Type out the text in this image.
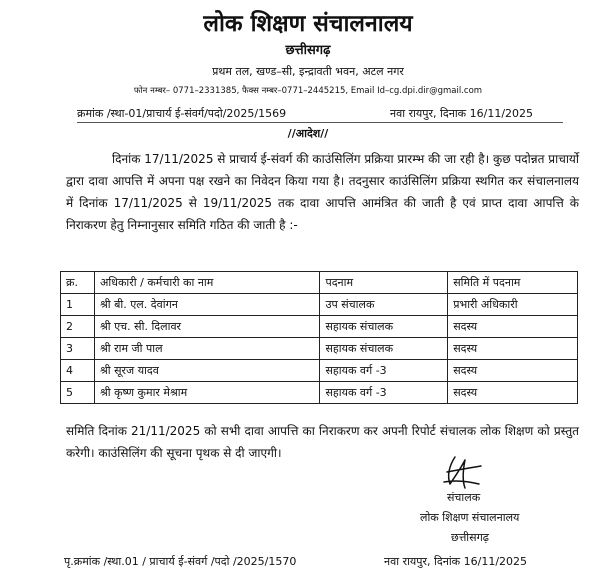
लोक शिक्षण संचालनालय
छत्तीसगढ़
प्रथम तल, खण्ड–सी, इन्द्रावती भवन, अटल नगर
फोन नम्बर– 0771–2331385, फैक्स नम्बर–0771–2445215, Email Id–cg.dpi.dir@gmail.com
क्रमांक /स्था-01/प्राचार्य ई-संवर्ग/पदो/2025/1569	नवा रायपुर, दिनाक 16/11/2025
//आदेश//
दिनांक 17/11/2025 से प्राचार्य ई-संवर्ग की काउंसिलिंग प्रक्रिया प्रारम्भ की जा रही है। कुछ पदोन्नत प्राचार्यो द्वारा दावा आपत्ति में अपना पक्ष रखने का निवेदन किया गया है। तदनुसार काउंसिलिंग प्रक्रिया स्थगित कर संचालनालय में दिनांक 17/11/2025 से 19/11/2025 तक दावा आपत्ति आमंत्रित की जाती है एवं प्राप्त दावा आपत्ति के निराकरण हेतु निम्नानुसार समिति गठित की जाती है :-
क्र.	अधिकारी / कर्मचारी का नाम	पदनाम	समिति में पदनाम
1	श्री बी. एल. देवांगन	उप संचालक	प्रभारी अधिकारी
2	श्री एच. सी. दिलावर	सहायक संचालक	सदस्य
3	श्री राम जी पाल	सहायक संचालक	सदस्य
4	श्री सूरज यादव	सहायक वर्ग -3	सदस्य
5	श्री कृष्ण कुमार मेश्राम	सहायक वर्ग -3	सदस्य
समिति दिनांक 21/11/2025 को सभी दावा आपत्ति का निराकरण कर अपनी रिपोर्ट संचालक लोक शिक्षण को प्रस्तुत करेगी। काउंसिलिंग की सूचना पृथक से दी जाएगी।
संचालक
लोक शिक्षण संचालनालय
छत्तीसगढ़
पृ.क्रमांक /स्था.01 / प्राचार्य ई-संवर्ग /पदो /2025/1570	नवा रायपुर, दिनांक 16/11/2025
